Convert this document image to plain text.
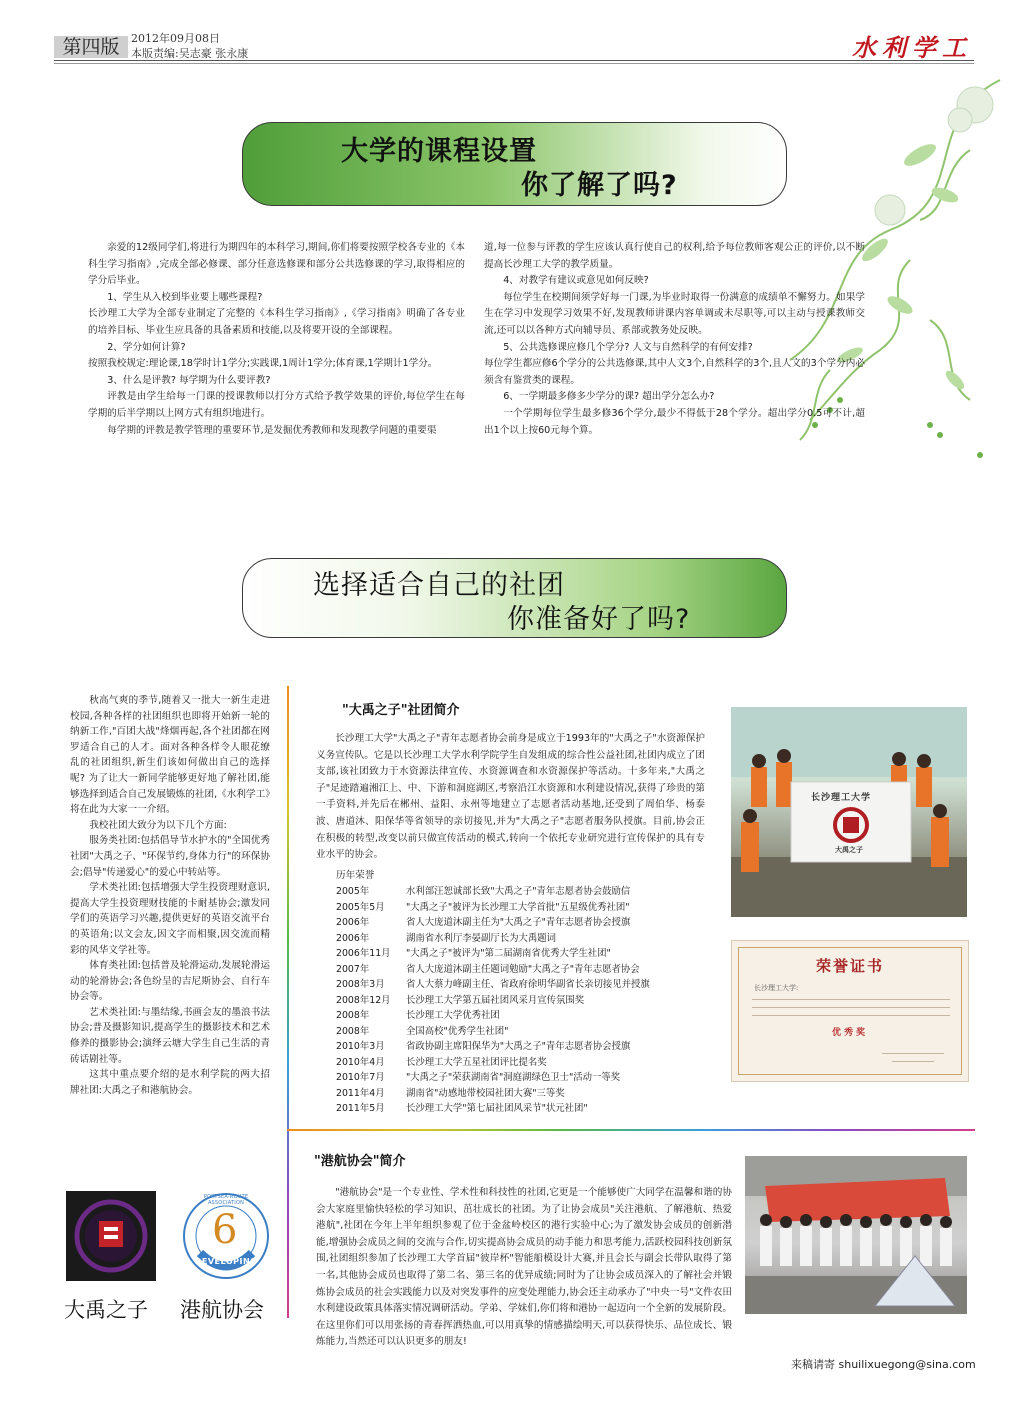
第四版	2012年09月08日
本版责编:吴志豪 张永康	水利学工
大学的课程设置
你了解了吗?

亲爱的12级同学们,将进行为期四年的本科学习,期间,你们将要按照学校各专业的《本科生学习指南》,完成全部必修课、部分任意选修课和部分公共选修课的学习,取得相应的学分后毕业。

1、学生从入校到毕业要上哪些课程?

长沙理工大学为全部专业制定了完整的《本科生学习指南》,《学习指南》明确了各专业的培养目标、毕业生应具备的具备素质和技能,以及将要开设的全部课程。

2、学分如何计算?

按照我校规定:理论课,18学时计1学分;实践课,1周计1学分;体育课,1学期计1学分。

3、什么是评教? 每学期为什么要评教?

评教是由学生给每一门课的授课教师以打分方式给予教学效果的评价,每位学生在每学期的后半学期以上网方式有组织地进行。

每学期的评教是教学管理的重要环节,是发掘优秀教师和发现教学问题的重要渠

道,每一位参与评教的学生应该认真行使自己的权利,给予每位教师客观公正的评价,以不断提高长沙理工大学的教学质量。

4、对教学有建议或意见如何反映?

每位学生在校期间须学好每一门课,为毕业时取得一份满意的成绩单不懈努力。如果学生在学习中发现学习效果不好,发现教师讲课内容单调或未尽职等,可以主动与授课教师交流,还可以以各种方式向辅导员、系部或教务处反映。

5、公共选修课应修几个学分? 人文与自然科学的有何安排?

每位学生都应修6个学分的公共选修课,其中人文3个,自然科学的3个,且人文的3个学分内必须含有鉴赏类的课程。

6、一学期最多修多少学分的课? 超出学分怎么办?

一个学期每位学生最多修36个学分,最少不得低于28个学分。超出学分0.5可不计,超出1个以上按60元每个算。

选择适合自己的社团
你准备好了吗?

秋高气爽的季节,随着又一批大一新生走进校园,各种各样的社团组织也即将开始新一轮的纳新工作,"百团大战"烽烟再起,各个社团都在网罗适合自己的人才。面对各种各样令人眼花缭乱的社团组织,新生们该如何做出自己的选择呢? 为了让大一新同学能够更好地了解社团,能够选择到适合自己发展锻炼的社团,《水利学工》将在此为大家一一介绍。

我校社团大致分为以下几个方面:

服务类社团:包括倡导节水护水的"全国优秀社团"大禹之子、"环保节约,身体力行"的环保协会;倡导"传递爱心"的爱心中转站等。

学术类社团:包括增强大学生投资理财意识,提高大学生投资理财技能的卡耐基协会;激发同学们的英语学习兴趣,提供更好的英语交流平台的英语角;以文会友,因文字而相聚,因交流而精彩的风华文学社等。

体育类社团:包括普及轮滑运动,发展轮滑运动的轮滑协会;各色纷呈的吉尼斯协会、自行车协会等。

艺术类社团:与墨结缘,书画会友的墨浪书法协会;普及摄影知识,提高学生的摄影技术和艺术修养的摄影协会;演绎云塘大学生自己生活的青砖话剧社等。

这其中重点要介绍的是水利学院的两大招牌社团:大禹之子和港航协会。

"大禹之子"社团简介
长沙理工大学"大禹之子"青年志愿者协会前身是成立于1993年的"大禹之子"水资源保护义务宣传队。它是以长沙理工大学水利学院学生自发组成的综合性公益社团,社团内成立了团支部,该社团致力于水资源法律宣传、水资源调查和水资源保护等活动。十多年来,"大禹之子"足迹踏遍湘江上、中、下游和洞庭湖区,考察沿江水资源和水利建设情况,获得了珍贵的第一手资料,并先后在郴州、益阳、永州等地建立了志愿者活动基地,还受到了周伯华、杨泰波、唐道沐、阳保华等省领导的亲切接见,并为"大禹之子"志愿者服务队授旗。目前,协会正在积极的转型,改变以前只做宣传活动的模式,转向一个依托专业研究进行宣传保护的具有专业水平的协会。
历年荣誉
2005年	水利部汪恕诚部长致"大禹之子"青年志愿者协会鼓励信
2005年5月	"大禹之子"被评为长沙理工大学首批"五星级优秀社团"
2006年	省人大庞道沐副主任为"大禹之子"青年志愿者协会授旗
2006年	湖南省水利厅李晏副厅长为大禹题词
2006年11月	"大禹之子"被评为"第二届湖南省优秀大学生社团"
2007年	省人大庞道沐副主任题词勉励"大禹之子"青年志愿者协会
2008年3月	省人大蔡力峰副主任、省政府徐明华副省长亲切接见并授旗
2008年12月	长沙理工大学第五届社团风采月宣传氛围奖
2008年	长沙理工大学优秀社团
2008年	全国高校"优秀学生社团"
2010年3月	省政协副主席阳保华为"大禹之子"青年志愿者协会授旗
2010年4月	长沙理工大学五星社团评比提名奖
2010年7月	"大禹之子"荣获湖南省"洞庭湖绿色卫士"活动一等奖
2011年4月	湖南省"动感地带校园社团大赛"三等奖
2011年5月	长沙理工大学"第七届社团风采节"状元社团"
长沙理工大学
大禹之子
荣誉证书
长沙理工大学:
优秀奖
"港航协会"简介
"港航协会"是一个专业性、学术性和科技性的社团,它更是一个能够使广大同学在温馨和谐的协会大家庭里愉快轻松的学习知识、茁壮成长的社团。为了让协会成员"关注港航、了解港航、热爱港航",社团在今年上半年组织参观了位于金盆岭校区的港行实验中心;为了激发协会成员的创新潜能,增强协会成员之间的交流与合作,切实提高协会成员的动手能力和思考能力,活跃校园科技创新氛围,社团组织参加了长沙理工大学首届"彼岸杯"智能船模设计大赛,并且会长与副会长带队取得了第一名,其他协会成员也取得了第二名、第三名的优异成绩;同时为了让协会成员深入的了解社会并锻炼协会成员的社会实践能力以及对突发事件的应变处理能力,协会还主动承办了"中央一号"文件农田水利建设政策具体落实情况调研活动。学弟、学妹们,你们将和港协一起迈向一个全新的发展阶段。在这里你们可以用张扬的青春挥洒热血,可以用真挚的情感描绘明天,可以获得快乐、品位成长、锻炼能力,当然还可以认识更多的朋友!
6
PORTSEA-ROUTE ASSOCIATION
DEVELOPING
大禹之子 港航协会
来稿请寄 shuilixuegong@sina.com
